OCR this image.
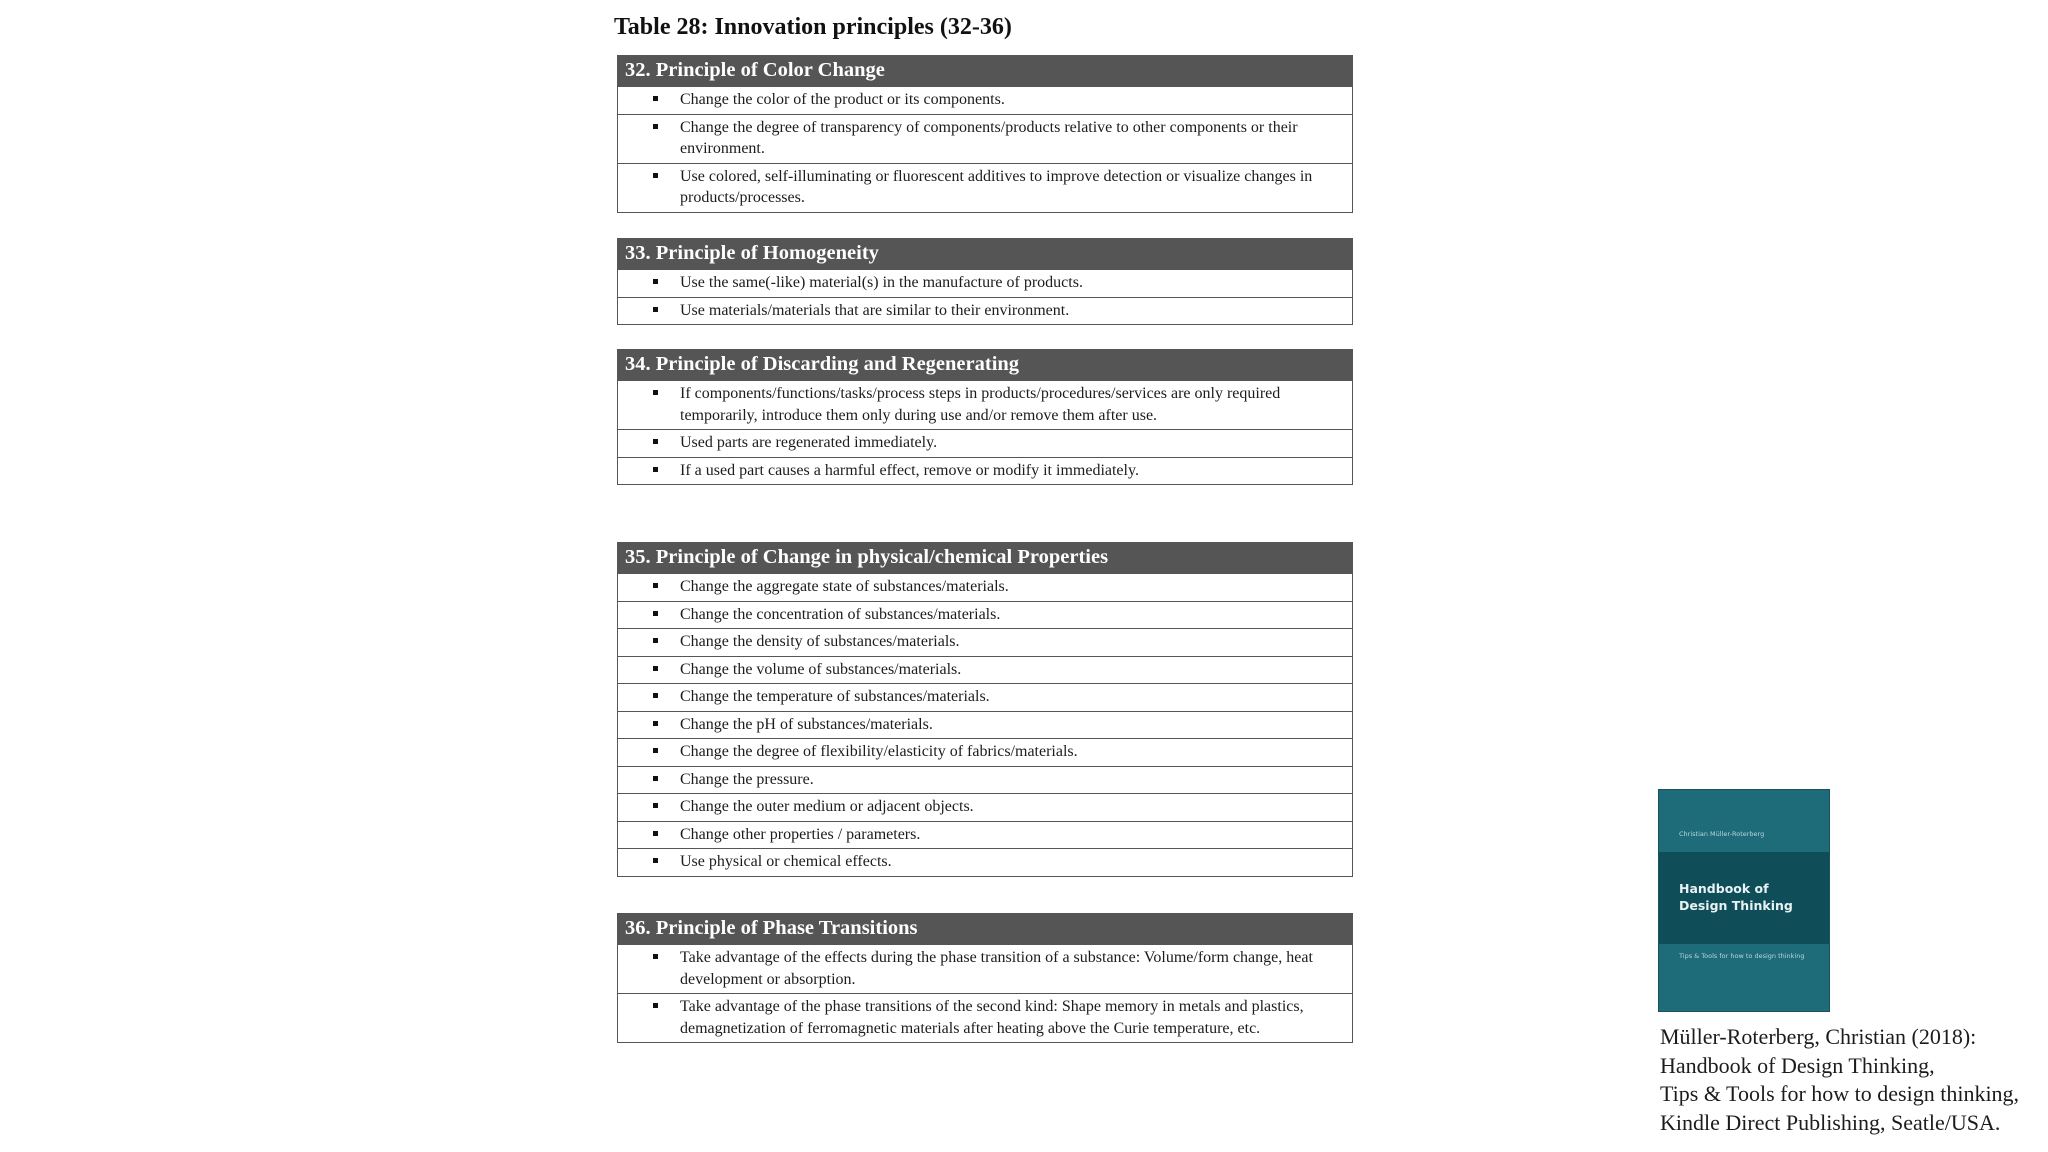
Table 28: Innovation principles (32-36)
32. Principle of Color Change
Change the color of the product or its components.
Change the degree of transparency of components/products relative to other components or their environment.
Use colored, self-illuminating or fluorescent additives to improve detection or visualize changes in products/processes.
33. Principle of Homogeneity
Use the same(-like) material(s) in the manufacture of products.
Use materials/materials that are similar to their environment.
34. Principle of Discarding and Regenerating
If components/functions/tasks/process steps in products/procedures/services are only required temporarily, introduce them only during use and/or remove them after use.
Used parts are regenerated immediately.
If a used part causes a harmful effect, remove or modify it immediately.
35. Principle of Change in physical/chemical Properties
Change the aggregate state of substances/materials.
Change the concentration of substances/materials.
Change the density of substances/materials.
Change the volume of substances/materials.
Change the temperature of substances/materials.
Change the pH of substances/materials.
Change the degree of flexibility/elasticity of fabrics/materials.
Change the pressure.
Change the outer medium or adjacent objects.
Change other properties / parameters.
Use physical or chemical effects.
36. Principle of Phase Transitions
Take advantage of the effects during the phase transition of a substance: Volume/form change, heat development or absorption.
Take advantage of the phase transitions of the second kind: Shape memory in metals and plastics, demagnetization of ferromagnetic materials after heating above the Curie temperature, etc.
Christian Müller-Roterberg
Handbook of
Design Thinking
Tips & Tools for how to design thinking
Müller-Roterberg, Christian (2018):
Handbook of Design Thinking,
Tips & Tools for how to design thinking,
Kindle Direct Publishing, Seatle/USA.
